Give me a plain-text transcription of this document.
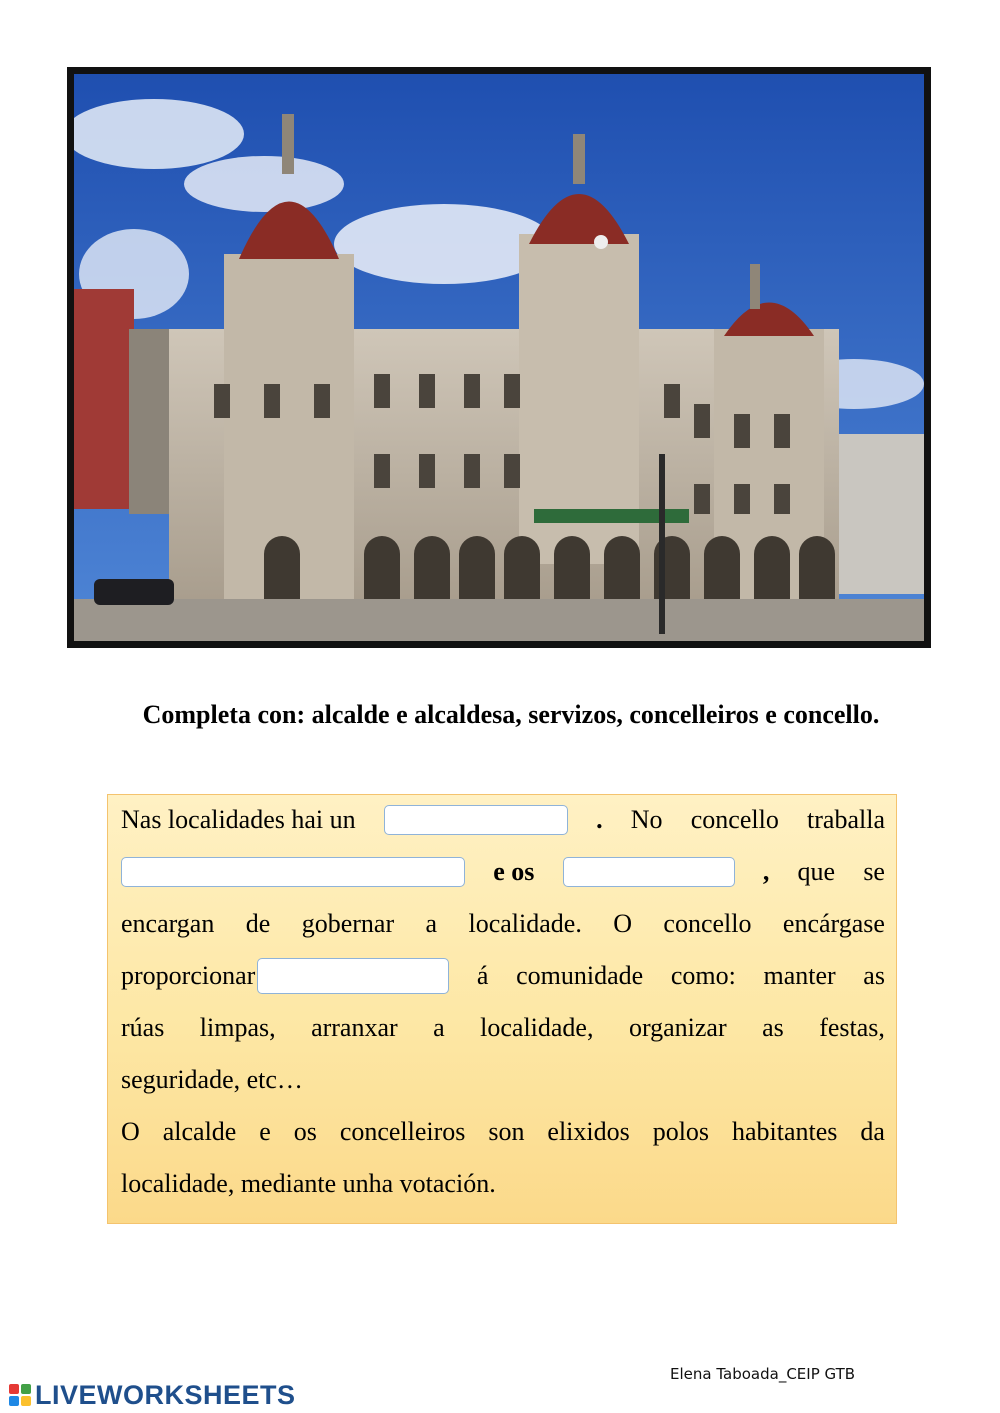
Completa con: alcalde e alcaldesa, servizos, concelleiros e concello.
Nas localidades hai un	. No concello traballa
e os	, que se
encargan de gobernar a localidade. O concello encárgase
proporcionar	á comunidade como: manter as
rúas limpas, arranxar a localidade, organizar as festas,
seguridade, etc…
O alcalde e os concelleiros son elixidos polos habitantes da
localidade, mediante unha votación.
Elena Taboada_CEIP GTB
LIVEWORKSHEETS
